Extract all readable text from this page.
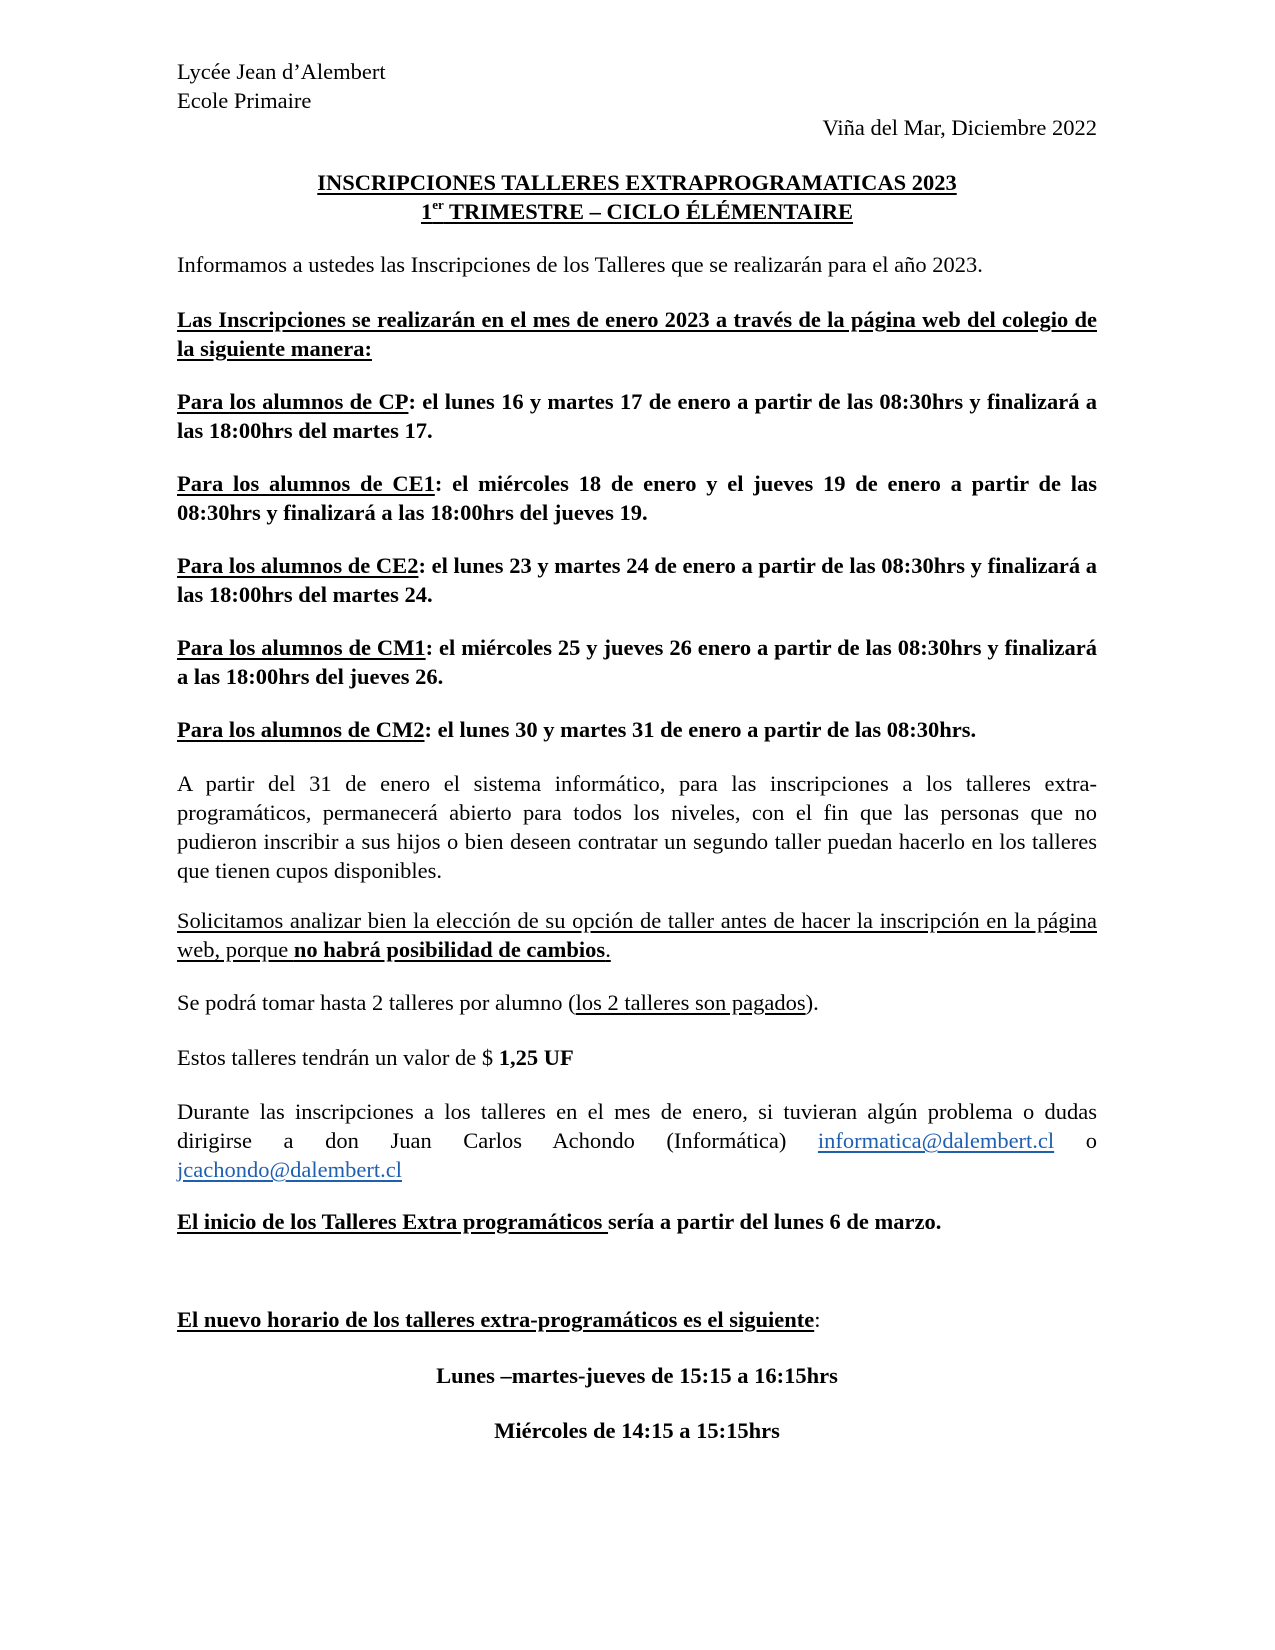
Lycée Jean d’Alembert
Ecole Primaire

Viña del Mar, Diciembre 2022

INSCRIPCIONES TALLERES EXTRAPROGRAMATICAS 2023
1er TRIMESTRE – CICLO ÉLÉMENTAIRE

Informamos a ustedes las Inscripciones de los Talleres que se realizarán para el año 2023.

Las Inscripciones se realizarán en el mes de enero 2023 a través de la página web del colegio de la siguiente manera:

Para los alumnos de CP: el lunes 16 y martes 17 de enero a partir de las 08:30hrs y finalizará a las 18:00hrs del martes 17.

Para los alumnos de CE1: el miércoles 18 de enero y el jueves 19 de enero a partir de las 08:30hrs y finalizará a las 18:00hrs del jueves 19.

Para los alumnos de CE2: el lunes 23 y martes 24 de enero a partir de las 08:30hrs y finalizará a las 18:00hrs del martes 24.

Para los alumnos de CM1: el miércoles 25 y jueves 26 enero a partir de las 08:30hrs y finalizará a las 18:00hrs del jueves 26.

Para los alumnos de CM2: el lunes 30 y martes 31 de enero a partir de las 08:30hrs.

A partir del 31 de enero el sistema informático, para las inscripciones a los talleres extra-programáticos, permanecerá abierto para todos los niveles, con el fin que las personas que no pudieron inscribir a sus hijos o bien deseen contratar un segundo taller puedan hacerlo en los talleres que tienen cupos disponibles.

Solicitamos analizar bien la elección de su opción de taller antes de hacer la inscripción en la página web, porque no habrá posibilidad de cambios.

Se podrá tomar hasta 2 talleres por alumno (los 2 talleres son pagados).

Estos talleres tendrán un valor de $ 1,25 UF

Durante las inscripciones a los talleres en el mes de enero, si tuvieran algún problema o dudas dirigirse a don Juan Carlos Achondo (Informática) informatica@dalembert.cl o jcachondo@dalembert.cl

El inicio de los Talleres Extra programáticos sería a partir del lunes 6 de marzo.

El nuevo horario de los talleres extra-programáticos es el siguiente:

Lunes –martes-jueves de 15:15 a 16:15hrs

Miércoles de 14:15 a 15:15hrs
